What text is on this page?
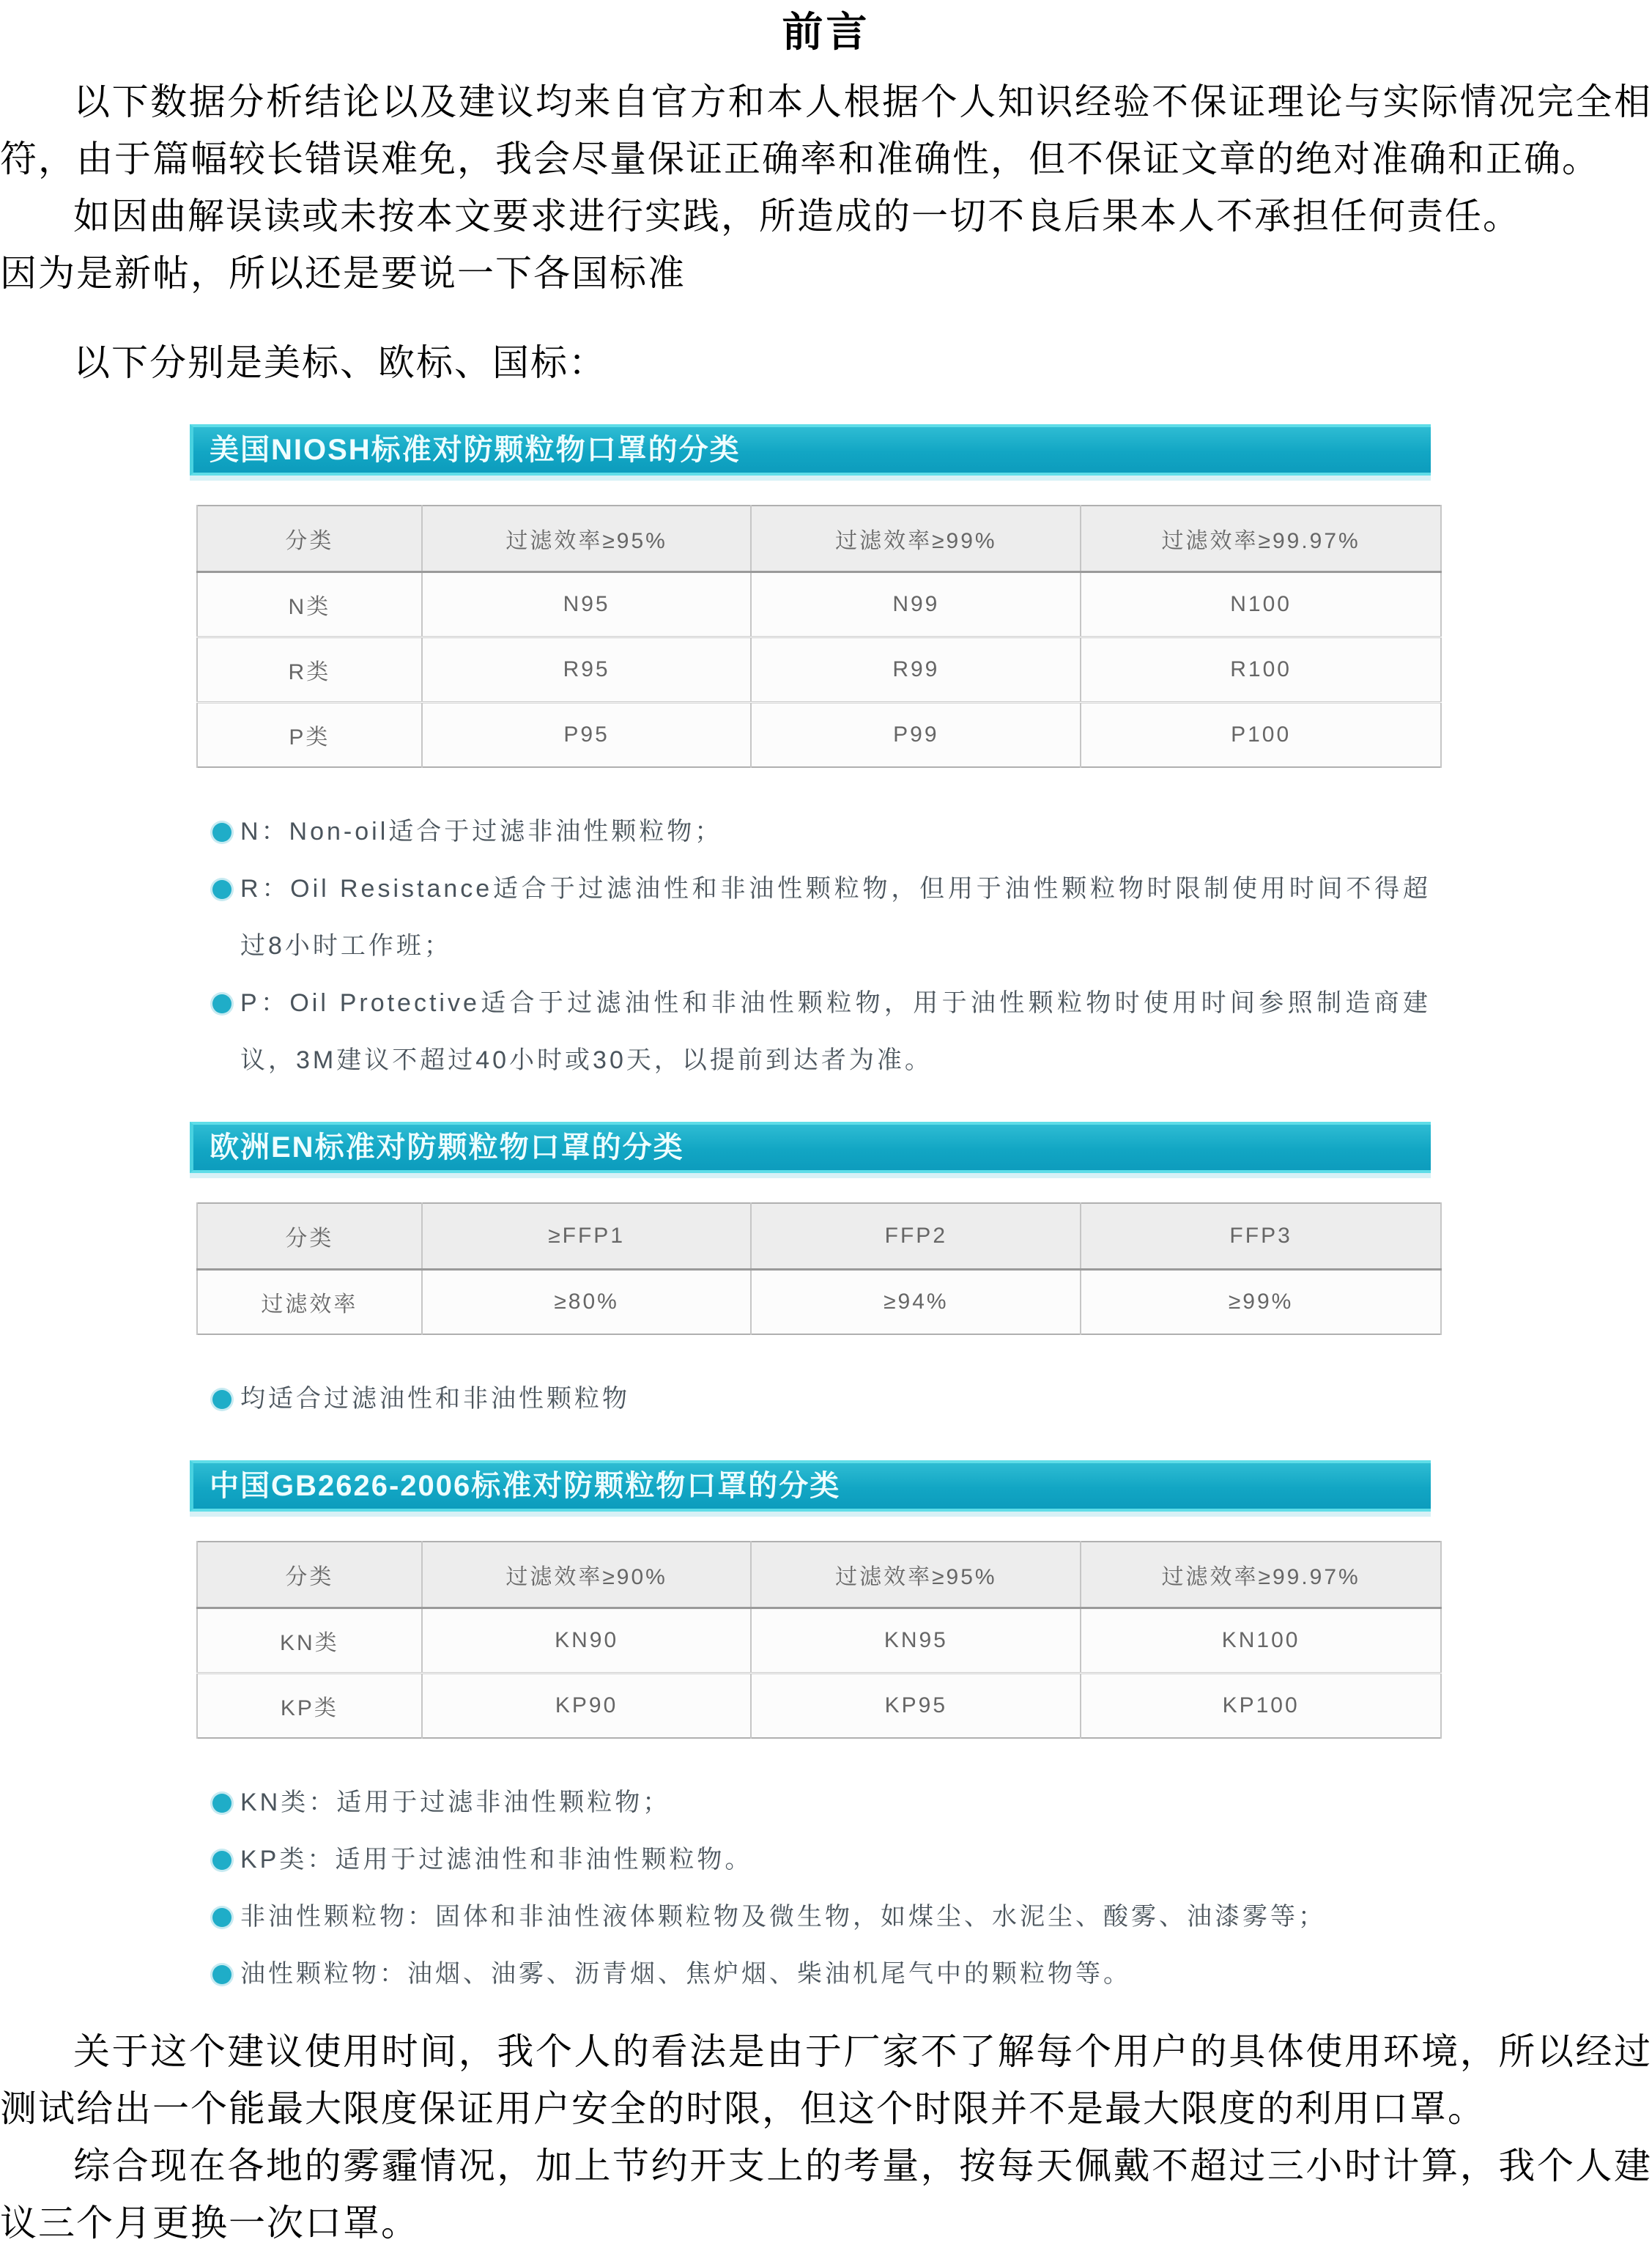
前言

以下数据分析结论以及建议均来自官方和本人根据个人知识经验不保证理论与实际情况完全相符，由于篇幅较长错误难免，我会尽量保证正确率和准确性，但不保证文章的绝对准确和正确。

如因曲解误读或未按本文要求进行实践，所造成的一切不良后果本人不承担任何责任。

因为是新帖，所以还是要说一下各国标准

以下分别是美标、欧标、国标：

美国NIOSH标准对防颗粒物口罩的分类
分类	过滤效率≥95%	过滤效率≥99%	过滤效率≥99.97%
N类	N95	N99	N100
R类	R95	R99	R100
P类	P95	P99	P100
N：Non-oil适合于过滤非油性颗粒物；
R：Oil Resistance适合于过滤油性和非油性颗粒物，但用于油性颗粒物时限制使用时间不得超过8小时工作班；
P：Oil Protective适合于过滤油性和非油性颗粒物，用于油性颗粒物时使用时间参照制造商建议，3M建议不超过40小时或30天，以提前到达者为准。
欧洲EN标准对防颗粒物口罩的分类
分类	≥FFP1	FFP2	FFP3
过滤效率	≥80%	≥94%	≥99%
均适合过滤油性和非油性颗粒物
中国GB2626-2006标准对防颗粒物口罩的分类
分类	过滤效率≥90%	过滤效率≥95%	过滤效率≥99.97%
KN类	KN90	KN95	KN100
KP类	KP90	KP95	KP100
KN类：适用于过滤非油性颗粒物；
KP类：适用于过滤油性和非油性颗粒物。
非油性颗粒物：固体和非油性液体颗粒物及微生物，如煤尘、水泥尘、酸雾、油漆雾等；
油性颗粒物：油烟、油雾、沥青烟、焦炉烟、柴油机尾气中的颗粒物等。

关于这个建议使用时间，我个人的看法是由于厂家不了解每个用户的具体使用环境，所以经过测试给出一个能最大限度保证用户安全的时限，但这个时限并不是最大限度的利用口罩。

综合现在各地的雾霾情况，加上节约开支上的考量，按每天佩戴不超过三小时计算，我个人建议三个月更换一次口罩。
